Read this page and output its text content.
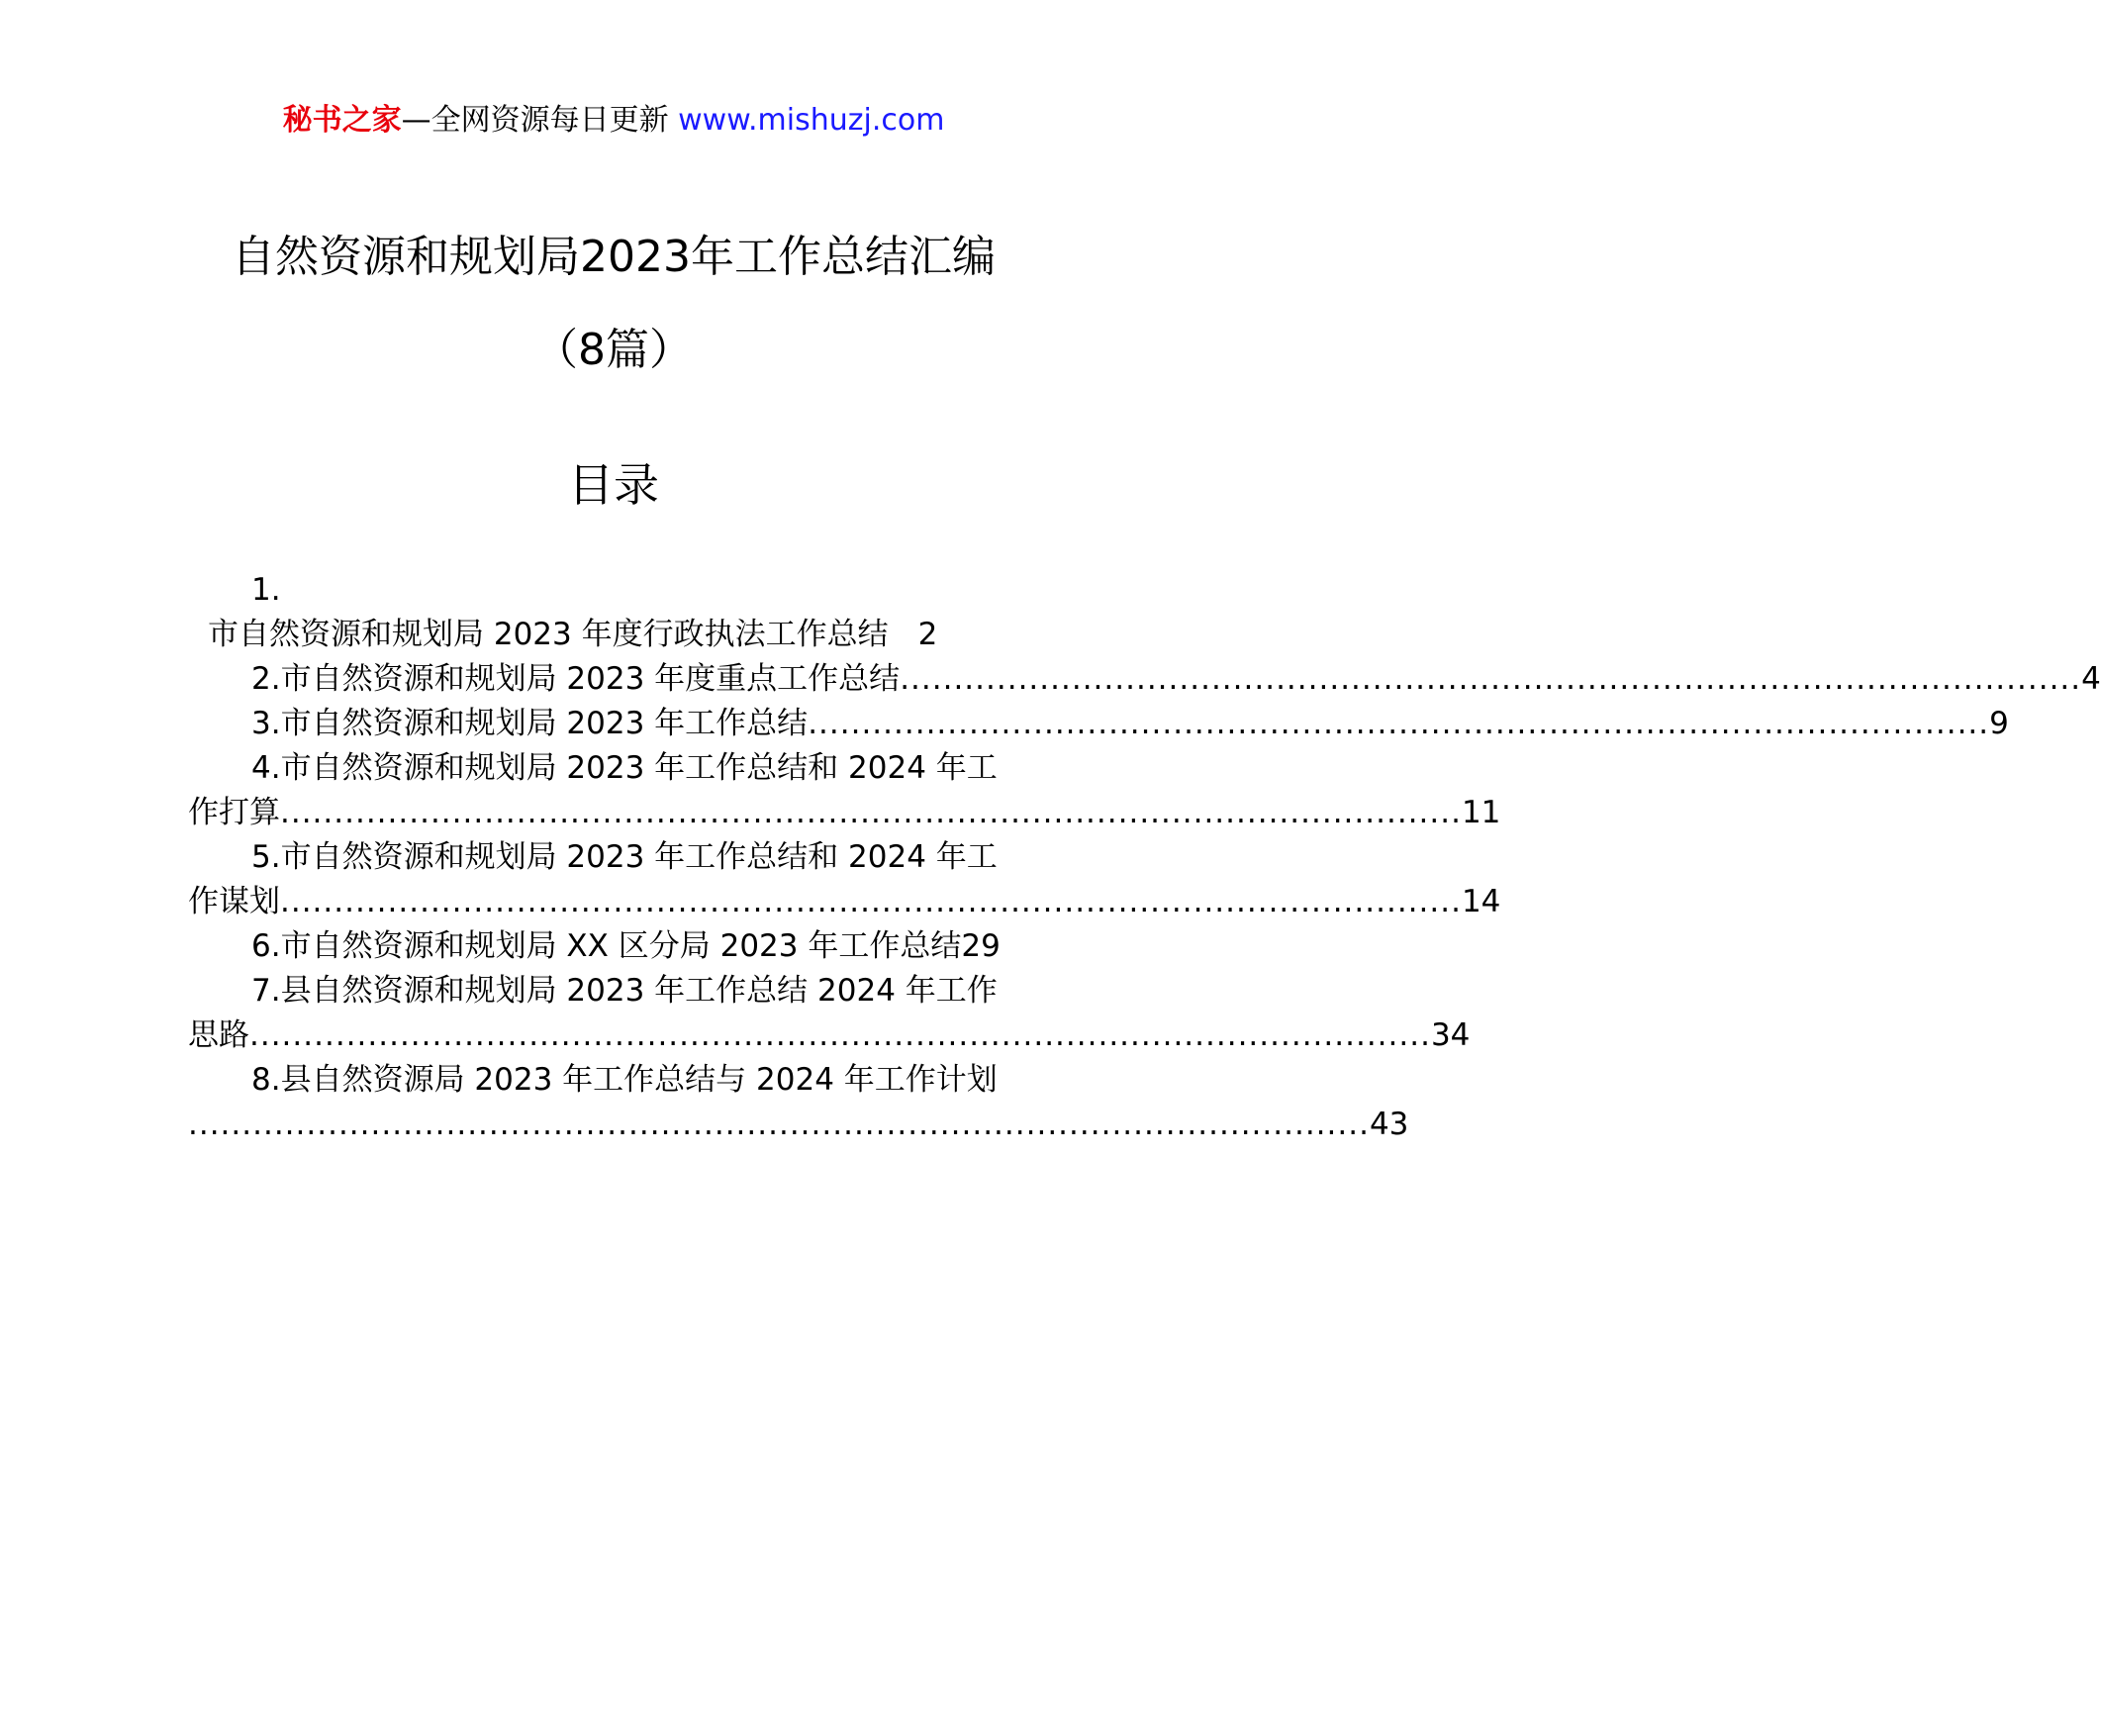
秘书之家—全网资源每日更新 www.mishuzj.com
自然资源和规划局2023年工作总结汇编
（8篇）
目录
1.
市自然资源和规划局 2023 年度行政执法工作总结 2
2.市自然资源和规划局 2023 年度重点工作总结 .............................................................................................................. 4
3.市自然资源和规划局 2023 年工作总结 .............................................................................................................. 9
4.市自然资源和规划局 2023 年工作总结和 2024 年工
作打算 .............................................................................................................. 11
5.市自然资源和规划局 2023 年工作总结和 2024 年工
作谋划 .............................................................................................................. 14
6.市自然资源和规划局 XX 区分局 2023 年工作总结29
7.县自然资源和规划局 2023 年工作总结 2024 年工作
思路 .............................................................................................................. 34
8.县自然资源局 2023 年工作总结与 2024 年工作计划
.............................................................................................................. 43
